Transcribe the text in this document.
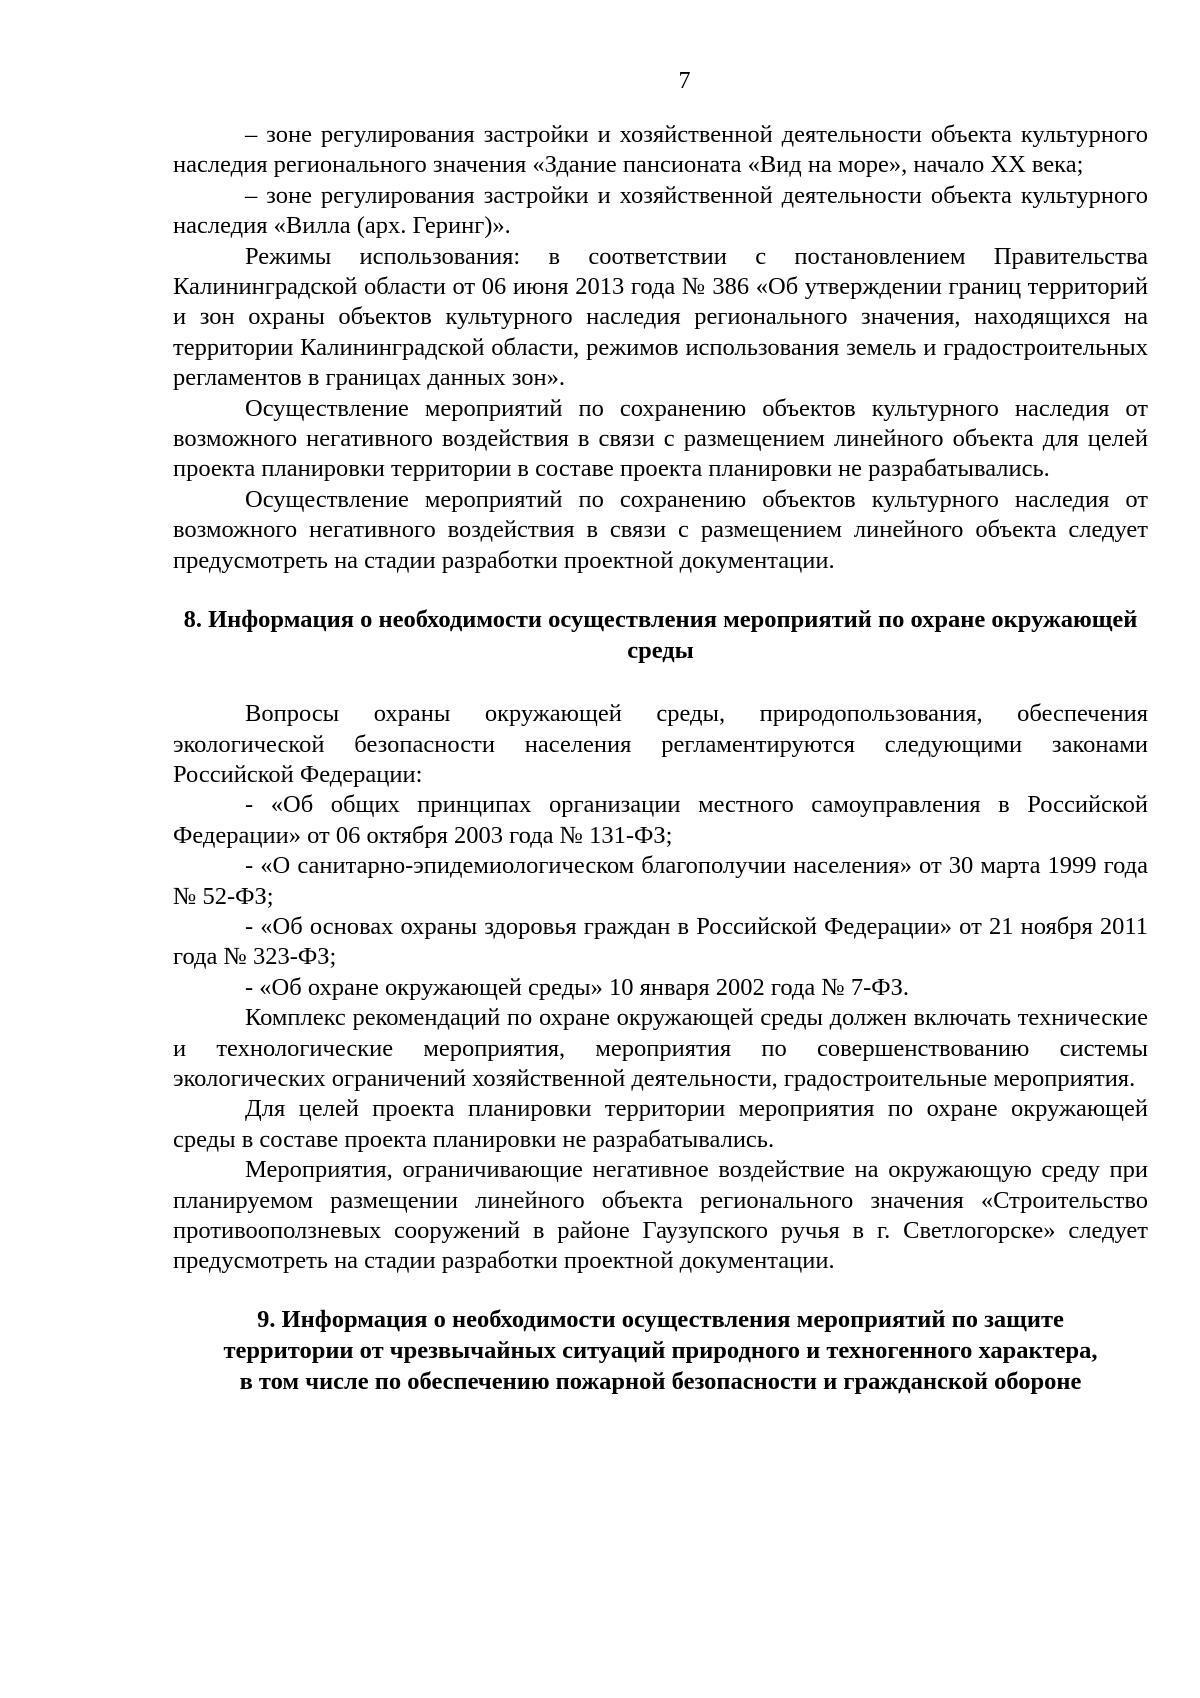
7

– зоне регулирования застройки и хозяйственной деятельности объекта культурного наследия регионального значения «Здание пансионата «Вид на море», начало XX века;

– зоне регулирования застройки и хозяйственной деятельности объекта культурного наследия «Вилла (арх. Геринг)».

Режимы использования: в соответствии с постановлением Правительства Калининградской области от 06 июня 2013 года № 386 «Об утверждении границ территорий и зон охраны объектов культурного наследия регионального значения, находящихся на территории Калининградской области, режимов использования земель и градостроительных регламентов в границах данных зон».

Осуществление мероприятий по сохранению объектов культурного наследия от возможного негативного воздействия в связи с размещением линейного объекта для целей проекта планировки территории в составе проекта планировки не разрабатывались.

Осуществление мероприятий по сохранению объектов культурного наследия от возможного негативного воздействия в связи с размещением линейного объекта следует предусмотреть на стадии разработки проектной документации.

8. Информация о необходимости осуществления мероприятий по охране окружающей среды

Вопросы охраны окружающей среды, природопользования, обеспечения экологической безопасности населения регламентируются следующими законами Российской Федерации:

- «Об общих принципах организации местного самоуправления в Российской Федерации» от 06 октября 2003 года № 131-ФЗ;

- «О санитарно-эпидемиологическом благополучии населения» от 30 марта 1999 года № 52-ФЗ;

- «Об основах охраны здоровья граждан в Российской Федерации» от 21 ноября 2011 года № 323-ФЗ;

- «Об охране окружающей среды» 10 января 2002 года № 7-ФЗ.

Комплекс рекомендаций по охране окружающей среды должен включать технические и технологические мероприятия, мероприятия по совершенствованию системы экологических ограничений хозяйственной деятельности, градостроительные мероприятия.

Для целей проекта планировки территории мероприятия по охране окружающей среды в составе проекта планировки не разрабатывались.

Мероприятия, ограничивающие негативное воздействие на окружающую среду при планируемом размещении линейного объекта регионального значения «Строительство противооползневых сооружений в районе Гаузупского ручья в г. Светлогорске» следует предусмотреть на стадии разработки проектной документации.

9. Информация о необходимости осуществления мероприятий по защите
территории от чрезвычайных ситуаций природного и техногенного характера,
в том числе по обеспечению пожарной безопасности и гражданской обороне
